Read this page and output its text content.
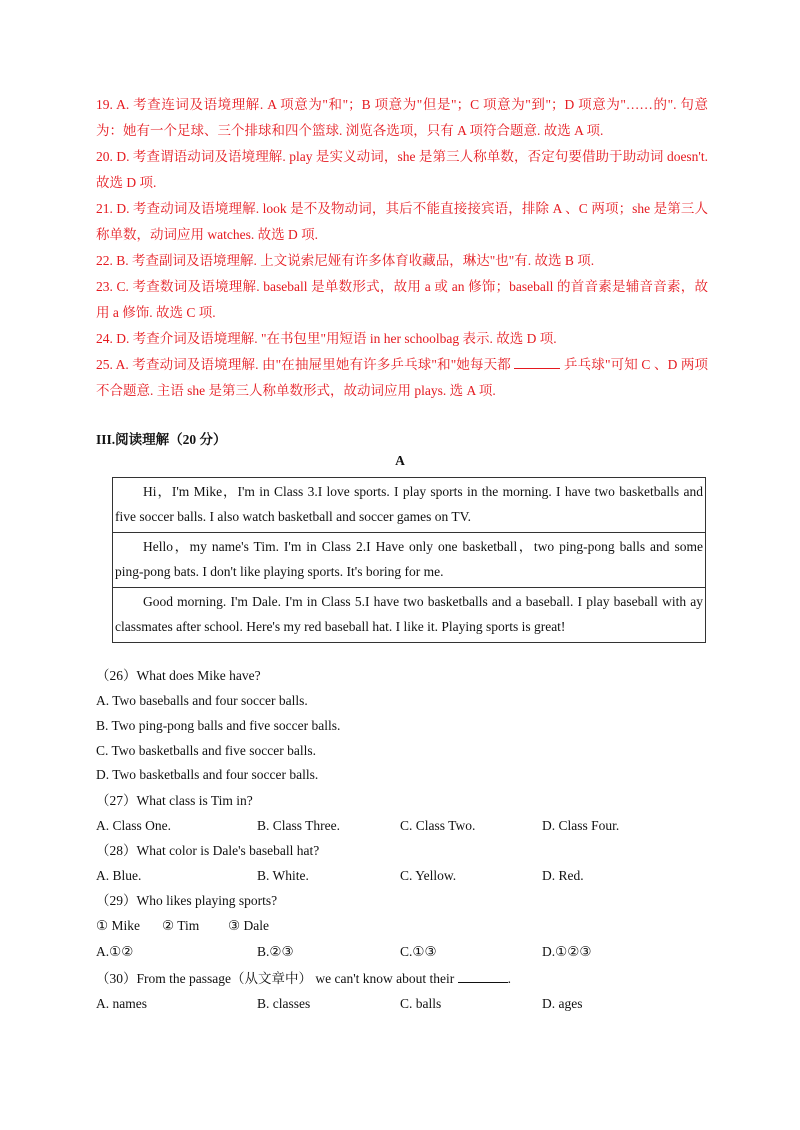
19. A. 考查连词及语境理解. A 项意为"和"；B 项意为"但是"；C 项意为"到"；D 项意为"……的". 句意为：她有一个足球、三个排球和四个篮球. 浏览各选项，只有 A 项符合题意. 故选 A 项.

20. D. 考查谓语动词及语境理解. play 是实义动词，she 是第三人称单数，否定句要借助于助动词 doesn't. 故选 D 项.

21. D. 考查动词及语境理解. look 是不及物动词，其后不能直接接宾语，排除 A 、C 两项；she 是第三人称单数，动词应用 watches. 故选 D 项.

22. B. 考查副词及语境理解. 上文说索尼娅有许多体育收藏品，琳达"也"有. 故选 B 项.

23. C. 考查数词及语境理解. baseball 是单数形式，故用 a 或 an 修饰；baseball 的首音素是辅音音素，故用 a 修饰. 故选 C 项.

24. D. 考查介词及语境理解. "在书包里"用短语 in her schoolbag 表示. 故选 D 项.

25. A. 考查动词及语境理解. 由"在抽屉里她有许多乒乓球"和"她每天都	乒乓球"可知 C 、D 两项不合题意. 主语 she 是第三人称单数形式，故动词应用 plays. 选 A 项.

III.阅读理解（20 分）
A
Hi，I'm Mike，I'm in Class 3.I love sports. I play sports in the morning. I have two basketballs and five soccer balls. I also watch basketball and soccer games on TV.
Hello，my name's Tim. I'm in Class 2.I Have only one basketball，two ping-pong balls and some ping-pong bats. I don't like playing sports. It's boring for me.
Good morning. I'm Dale. I'm in Class 5.I have two basketballs and a baseball. I play baseball with ay classmates after school. Here's my red baseball hat. I like it. Playing sports is great!
（26）What does Mike have?
A. Two baseballs and four soccer balls.
B. Two ping-pong balls and five soccer balls.
C. Two basketballs and five soccer balls.
D. Two basketballs and four soccer balls.
（27）What class is Tim in?
A. Class One.	B. Class Three.	C. Class Two.	D. Class Four.
（28）What color is Dale's baseball hat?
A. Blue.	B. White.	C. Yellow.	D. Red.
（29）Who likes playing sports?
① Mike ② Tim ③ Dale
A.①②	B.②③	C.①③	D.①②③
（30）From the passage（从文章中） we can't know about their	.
A. names	B. classes	C. balls	D. ages
